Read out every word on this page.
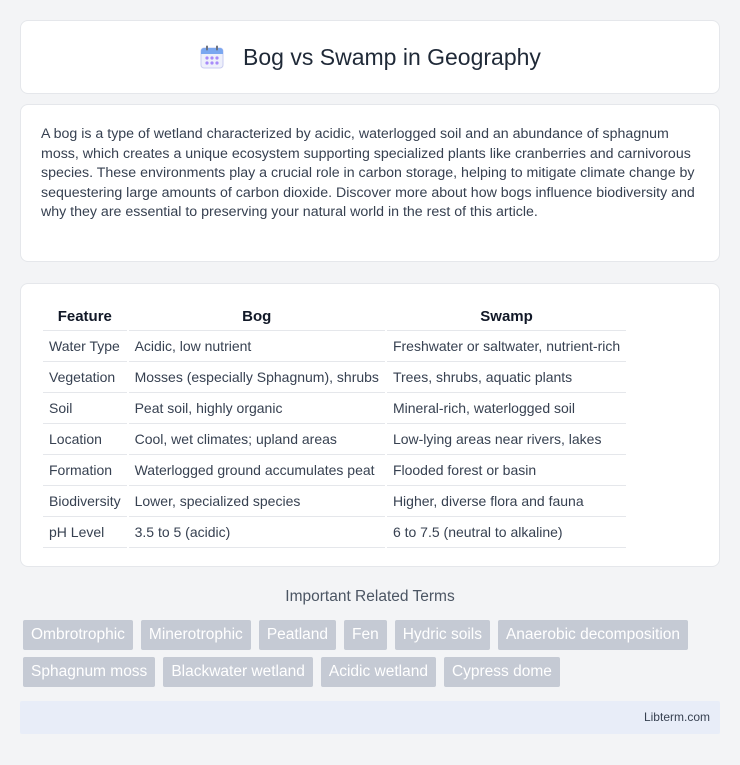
Bog vs Swamp in Geography

A bog is a type of wetland characterized by acidic, waterlogged soil and an abundance of sphagnum moss, which creates a unique ecosystem supporting specialized plants like cranberries and carnivorous species. These environments play a crucial role in carbon storage, helping to mitigate climate change by sequestering large amounts of carbon dioxide. Discover more about how bogs influence biodiversity and why they are essential to preserving your natural world in the rest of this article.

Feature	Bog	Swamp
Water Type	Acidic, low nutrient	Freshwater or saltwater, nutrient-rich
Vegetation	Mosses (especially Sphagnum), shrubs	Trees, shrubs, aquatic plants
Soil	Peat soil, highly organic	Mineral-rich, waterlogged soil
Location	Cool, wet climates; upland areas	Low-lying areas near rivers, lakes
Formation	Waterlogged ground accumulates peat	Flooded forest or basin
Biodiversity	Lower, specialized species	Higher, diverse flora and fauna
pH Level	3.5 to 5 (acidic)	6 to 7.5 (neutral to alkaline)
Important Related Terms
Ombrotrophic	Minerotrophic	Peatland	Fen	Hydric soils	Anaerobic decomposition
Sphagnum moss	Blackwater wetland	Acidic wetland	Cypress dome
Libterm.com
